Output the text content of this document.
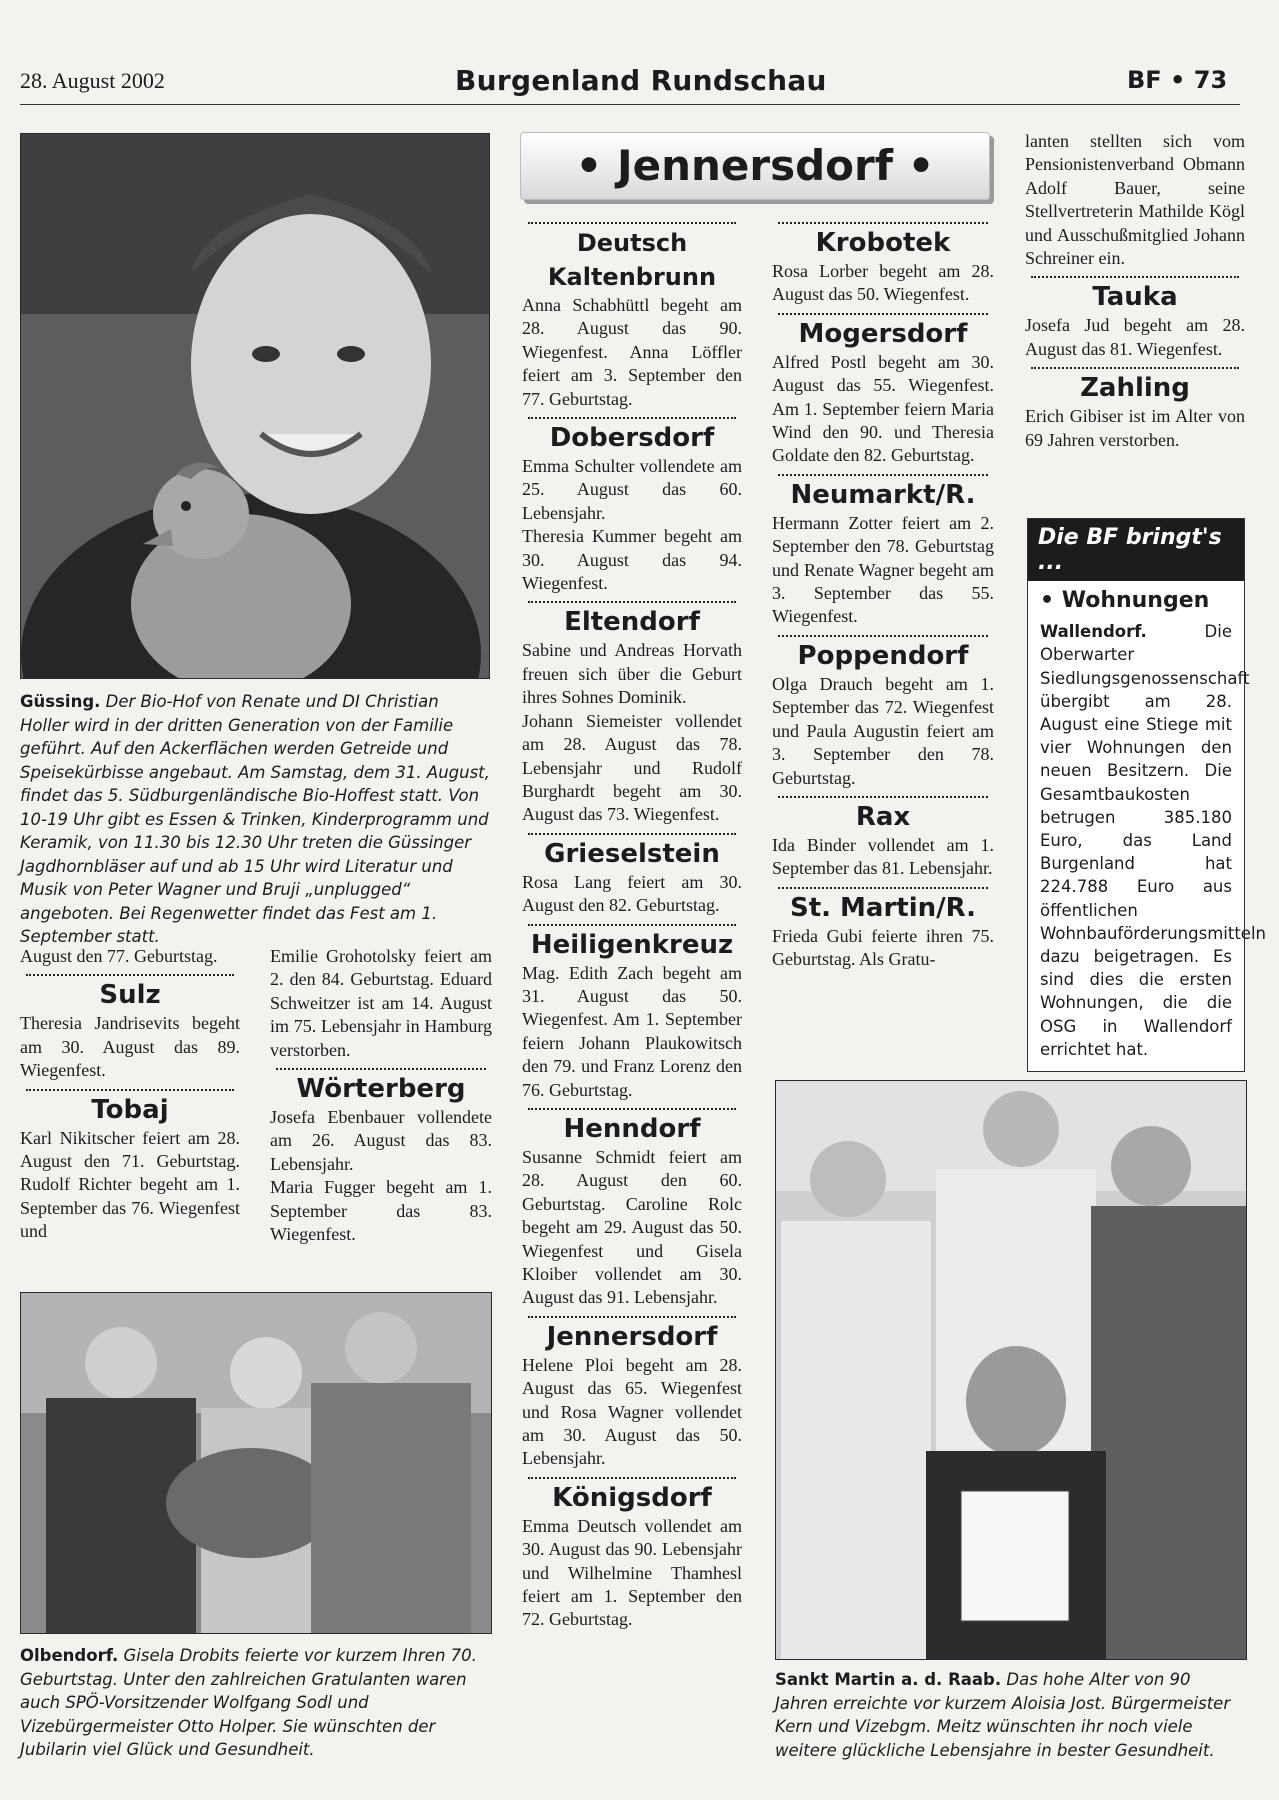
28. August 2002	Burgenland Rundschau	BF • 73
Güssing. Der Bio-Hof von Renate und DI Christian Holler wird in der dritten Generation von der Familie geführt. Auf den Ackerflächen werden Getreide und Speisekürbisse angebaut. Am Samstag, dem 31. August, findet das 5. Südburgenländische Bio-Hoffest statt. Von 10-19 Uhr gibt es Essen & Trinken, Kinderprogramm und Keramik, von 11.30 bis 12.30 Uhr treten die Güssinger Jagdhornbläser auf und ab 15 Uhr wird Literatur und Musik von Peter Wagner und Bruji „unplugged“ angeboten. Bei Regenwetter findet das Fest am 1. September statt.

August den 77. Geburtstag.

Sulz

Theresia Jandrisevits begeht am 30. August das 89. Wiegenfest.

Tobaj

Karl Nikitscher feiert am 28. August den 71. Geburtstag. Rudolf Richter begeht am 1. September das 76. Wiegenfest und

Emilie Grohotolsky feiert am 2. den 84. Geburtstag. Eduard Schweitzer ist am 14. August im 75. Lebensjahr in Hamburg verstorben.

Wörterberg

Josefa Ebenbauer vollendete am 26. August das 83. Lebensjahr.

Maria Fugger begeht am 1. September das 83. Wiegenfest.

Olbendorf. Gisela Drobits feierte vor kurzem Ihren 70. Geburtstag. Unter den zahlreichen Gratulanten waren auch SPÖ-Vorsitzender Wolfgang Sodl und Vizebürgermeister Otto Holper. Sie wünschten der Jubilarin viel Glück und Gesundheit.
• Jennersdorf •
Deutsch Kaltenbrunn

Anna Schabhüttl begeht am 28. August das 90. Wiegenfest. Anna Löffler feiert am 3. September den 77. Geburtstag.

Dobersdorf

Emma Schulter vollendete am 25. August das 60. Lebensjahr.

Theresia Kummer begeht am 30. August das 94. Wiegenfest.

Eltendorf

Sabine und Andreas Horvath freuen sich über die Geburt ihres Sohnes Dominik.

Johann Siemeister vollendet am 28. August das 78. Lebensjahr und Rudolf Burghardt begeht am 30. August das 73. Wiegenfest.

Grieselstein

Rosa Lang feiert am 30. August den 82. Geburtstag.

Heiligenkreuz

Mag. Edith Zach begeht am 31. August das 50. Wiegenfest. Am 1. September feiern Johann Plaukowitsch den 79. und Franz Lorenz den 76. Geburtstag.

Henndorf

Susanne Schmidt feiert am 28. August den 60. Geburtstag. Caroline Rolc begeht am 29. August das 50. Wiegenfest und Gisela Kloiber vollendet am 30. August das 91. Lebensjahr.

Jennersdorf

Helene Ploi begeht am 28. August das 65. Wiegenfest und Rosa Wagner vollendet am 30. August das 50. Lebensjahr.

Königsdorf

Emma Deutsch vollendet am 30. August das 90. Lebensjahr und Wilhelmine Thamhesl feiert am 1. September den 72. Geburtstag.

Krobotek

Rosa Lorber begeht am 28. August das 50. Wiegenfest.

Mogersdorf

Alfred Postl begeht am 30. August das 55. Wiegenfest. Am 1. September feiern Maria Wind den 90. und Theresia Goldate den 82. Geburtstag.

Neumarkt/R.

Hermann Zotter feiert am 2. September den 78. Geburtstag und Renate Wagner begeht am 3. September das 55. Wiegenfest.

Poppendorf

Olga Drauch begeht am 1. September das 72. Wiegenfest und Paula Augustin feiert am 3. September den 78. Geburtstag.

Rax

Ida Binder vollendet am 1. September das 81. Lebensjahr.

St. Martin/R.

Frieda Gubi feierte ihren 75. Geburtstag. Als Gratu-

lanten stellten sich vom Pensionistenverband Obmann Adolf Bauer, seine Stellvertreterin Mathilde Kögl und Ausschußmitglied Johann Schreiner ein.

Tauka

Josefa Jud begeht am 28. August das 81. Wiegenfest.

Zahling

Erich Gibiser ist im Alter von 69 Jahren verstorben.

Die BF bringt's ...
• Wohnungen
Wallendorf.	Die Oberwarter Siedlungsgenossenschaft übergibt am 28. August eine Stiege mit vier Wohnungen den neuen Besitzern. Die Gesamtbaukosten betrugen 385.180 Euro, das Land Burgenland hat 224.788 Euro aus öffentlichen Wohnbauförderungsmitteln dazu beigetragen. Es sind dies die ersten Wohnungen, die die OSG in Wallendorf errichtet hat.
Sankt Martin a. d. Raab. Das hohe Alter von 90 Jahren erreichte vor kurzem Aloisia Jost. Bürgermeister Kern und Vizebgm. Meitz wünschten ihr noch viele weitere glückliche Lebensjahre in bester Gesundheit.
